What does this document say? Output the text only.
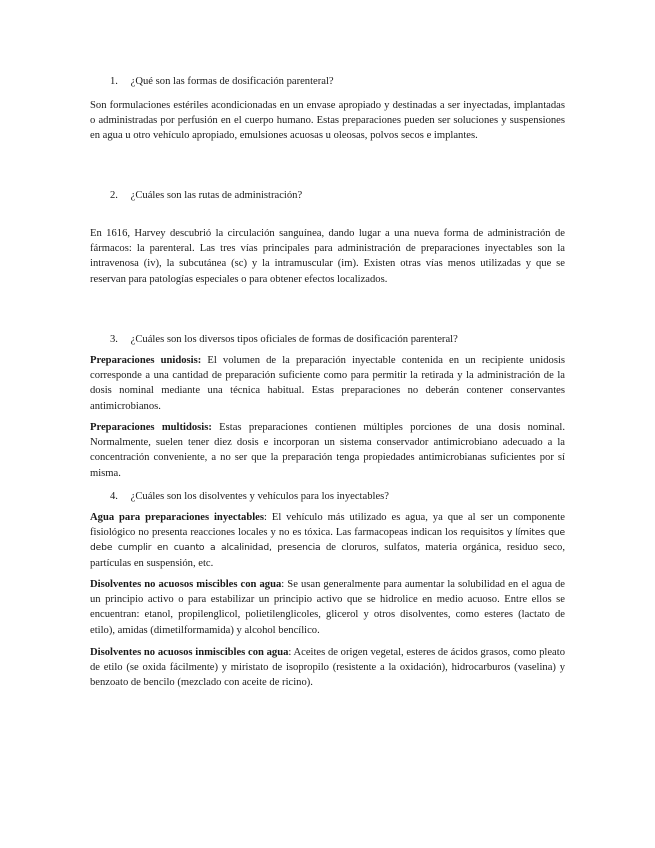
1. ¿Qué son las formas de dosificación parenteral?

Son formulaciones estériles acondicionadas en un envase apropiado y destinadas a ser inyectadas, implantadas o administradas por perfusión en el cuerpo humano. Estas preparaciones pueden ser soluciones y suspensiones en agua u otro vehículo apropiado, emulsiones acuosas u oleosas, polvos secos e implantes.

2. ¿Cuáles son las rutas de administración?

En 1616, Harvey descubrió la circulación sanguínea, dando lugar a una nueva forma de administración de fármacos: la parenteral. Las tres vías principales para administración de preparaciones inyectables son la intravenosa (iv), la subcutánea (sc) y la intramuscular (im). Existen otras vías menos utilizadas y que se reservan para patologías especiales o para obtener efectos localizados.

3. ¿Cuáles son los diversos tipos oficiales de formas de dosificación parenteral?

Preparaciones unidosis: El volumen de la preparación inyectable contenida en un recipiente unidosis corresponde a una cantidad de preparación suficiente como para permitir la retirada y la administración de la dosis nominal mediante una técnica habitual. Estas preparaciones no deberán contener conservantes antimicrobianos.

Preparaciones multidosis: Estas preparaciones contienen múltiples porciones de una dosis nominal. Normalmente, suelen tener diez dosis e incorporan un sistema conservador antimicrobiano adecuado a la concentración conveniente, a no ser que la preparación tenga propiedades antimicrobianas suficientes por sí misma.

4. ¿Cuáles son los disolventes y vehículos para los inyectables?

Agua para preparaciones inyectables: El vehículo más utilizado es agua, ya que al ser un componente fisiológico no presenta reacciones locales y no es tóxica. Las farmacopeas indican los requisitos y límites que debe cumplir en cuanto a alcalinidad, presencia de cloruros, sulfatos, materia orgánica, residuo seco, partículas en suspensión, etc.

Disolventes no acuosos miscibles con agua: Se usan generalmente para aumentar la solubilidad en el agua de un principio activo o para estabilizar un principio activo que se hidrolice en medio acuoso. Entre ellos se encuentran: etanol, propilenglicol, polietilenglicoles, glicerol y otros disolventes, como esteres (lactato de etilo), amidas (dimetilformamida) y alcohol bencílico.

Disolventes no acuosos inmiscibles con agua: Aceites de origen vegetal, esteres de ácidos grasos, como pleato de etilo (se oxida fácilmente) y miristato de isopropilo (resistente a la oxidación), hidrocarburos (vaselina) y benzoato de bencilo (mezclado con aceite de ricino).
